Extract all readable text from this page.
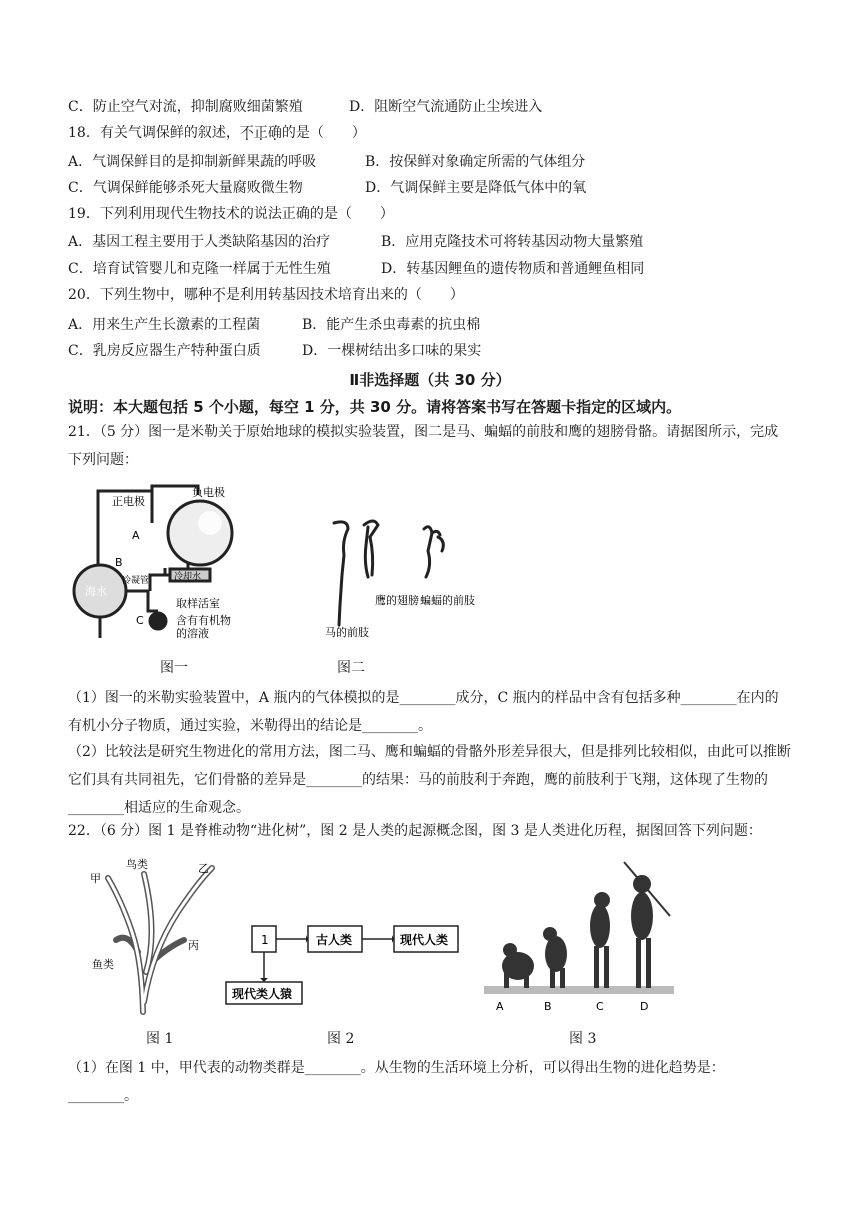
C．防止空气对流，抑制腐败细菌繁殖	D．阻断空气流通防止尘埃进入
18．有关气调保鲜的叙述，不正确的是（　　）
A．气调保鲜目的是抑制新鲜果蔬的呼吸	B．按保鲜对象确定所需的气体组分
C．气调保鲜能够杀死大量腐败微生物	D．气调保鲜主要是降低气体中的氧
19．下列利用现代生物技术的说法正确的是（　　）
A．基因工程主要用于人类缺陷基因的治疗	B．应用克隆技术可将转基因动物大量繁殖
C．培育试管婴儿和克隆一样属于无性生殖	D．转基因鲤鱼的遗传物质和普通鲤鱼相同
20．下列生物中，哪种不是利用转基因技术培育出来的（　　）
A．用来生产生长激素的工程菌	B．能产生杀虫毒素的抗虫棉
C．乳房反应器生产特种蛋白质	D．一棵树结出多口味的果实
Ⅱ非选择题（共 30 分）
说明：本大题包括 5 个小题，每空 1 分，共 30 分。请将答案书写在答题卡指定的区域内。
21．（5 分）图一是米勒关于原始地球的模拟实验装置，图二是马、蝙蝠的前肢和鹰的翅膀骨骼。请据图所示，完成下列问题：
正电极
负电极
A
B
海水
冷凝管	冷却水
取样活室
C	含有有机物
的溶液
图一
鹰的翅膀 蝙蝠的前肢
马的前肢
图二
（1）图一的米勒实验装置中，A 瓶内的气体模拟的是________成分，C 瓶内的样品中含有包括多种________在内的有机小分子物质，通过实验，米勒得出的结论是________。
（2）比较法是研究生物进化的常用方法，图二马、鹰和蝙蝠的骨骼外形差异很大，但是排列比较相似，由此可以推断它们具有共同祖先，它们骨骼的差异是________的结果：马的前肢利于奔跑，鹰的前肢利于飞翔，这体现了生物的________相适应的生命观念。
22．（6 分）图 1 是脊椎动物“进化树”，图 2 是人类的起源概念图，图 3 是人类进化历程，据图回答下列问题：
甲
鸟类	乙
鱼类
丙
图 1
1	古人类	现代人类
现代类人猿
图 2
A	B	C	D
图 3
（1）在图 1 中，甲代表的动物类群是________。从生物的生活环境上分析，可以得出生物的进化趋势是：________。
